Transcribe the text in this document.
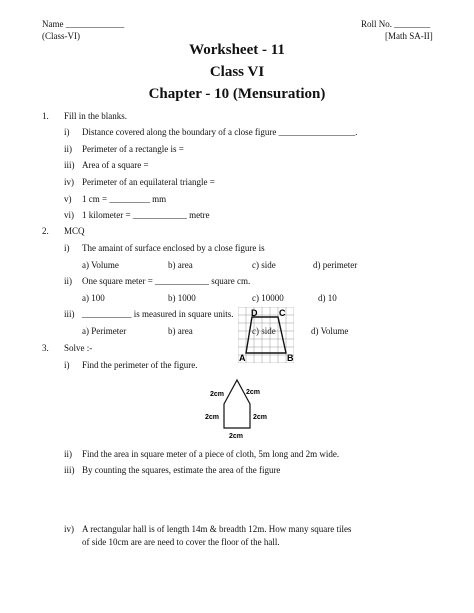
Name _____________	Roll No. ________
(Class-VI)	[Math SA-II]
Worksheet - 11
Class VI
Chapter - 10 (Mensuration)
1. Fill in the blanks.
i) Distance covered along the boundary of a close figure _________________.
ii) Perimeter of a rectangle is =
iii) Area of a square =
iv) Perimeter of an equilateral triangle =
v) 1 cm = _________ mm
vi) 1 kilometer = ____________ metre
2. MCQ
i) The amaint of surface enclosed by a close figure is
a) Volume	b) area	c) side	d) perimeter
ii) One square meter = ____________ square cm.
a) 100	b) 1000	c) 10000	d) 10
iii) ___________ is measured in square units.
a) Perimeter	b) area	c) side	d) Volume
D C
A	B
3. Solve :-
i) Find the perimeter of the figure.
2cm	2cm
2cm	2cm
2cm
ii) Find the area in square meter of a piece of cloth, 5m long and 2m wide.
iii) By counting the squares, estimate the area of the figure
iv) A rectangular hall is of length 14m & breadth 12m. How many square tiles
of side 10cm are are need to cover the floor of the hall.
